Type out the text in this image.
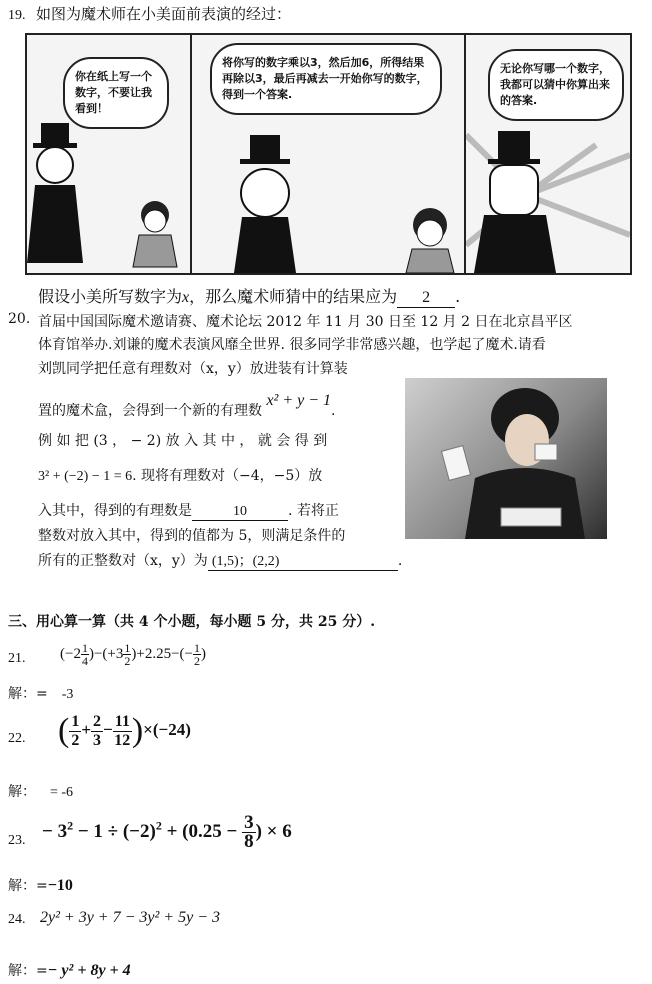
19. 如图为魔术师在小美面前表演的经过：
你在纸上写一个数字，不要让我看到！
将你写的数字乘以3，然后加6，所得结果再除以3，最后再减去一开始你写的数字，得到一个答案.
无论你写哪一个数字，我都可以猜中你算出来的答案.
假设小美所写数字为x，那么魔术师猜中的结果应为 2 .
20. 首届中国国际魔术邀请赛、魔术论坛 2012 年 11 月 30 日至 12 月 2 日在北京昌平区
体育馆举办.刘谦的魔术表演风靡全世界. 很多同学非常感兴趣，也学起了魔术.请看
刘凯同学把任意有理数对（x，y）放进装有计算装
置的魔术盒，会得到一个新的有理数 x² + y − 1.
例 如 把 (3 ， − 2) 放 入 其 中 ， 就 会 得 到
3² + (−2) − 1 = 6. 现将有理数对（−4，−5）放
入其中，得到的有理数是	10	. 若将正
整数对放入其中，得到的值都为 5，则满足条件的
所有的正整数对（x，y）为 (1,5)；(2,2)	.
三、用心算一算（共 4 个小题，每小题 5 分，共 25 分）.
21. $(-2 \frac{1}{4} )-(+3 \frac{1}{2} )+2.25-(- \frac{1}{2}$ )
解：= -3
22. ( $\frac{1}{2} + \frac{2}{3} - \frac{11}{12} )\times(-24)$
解： = -6
23. − $3^2 - 1 \div (-2)^2 + (0.25 - \frac{3}{8}$ ) × 6
解：=−10
24. 2y² + 3y + 7 − 3y² + 5y − 3
解：=− y² + 8y + 4
